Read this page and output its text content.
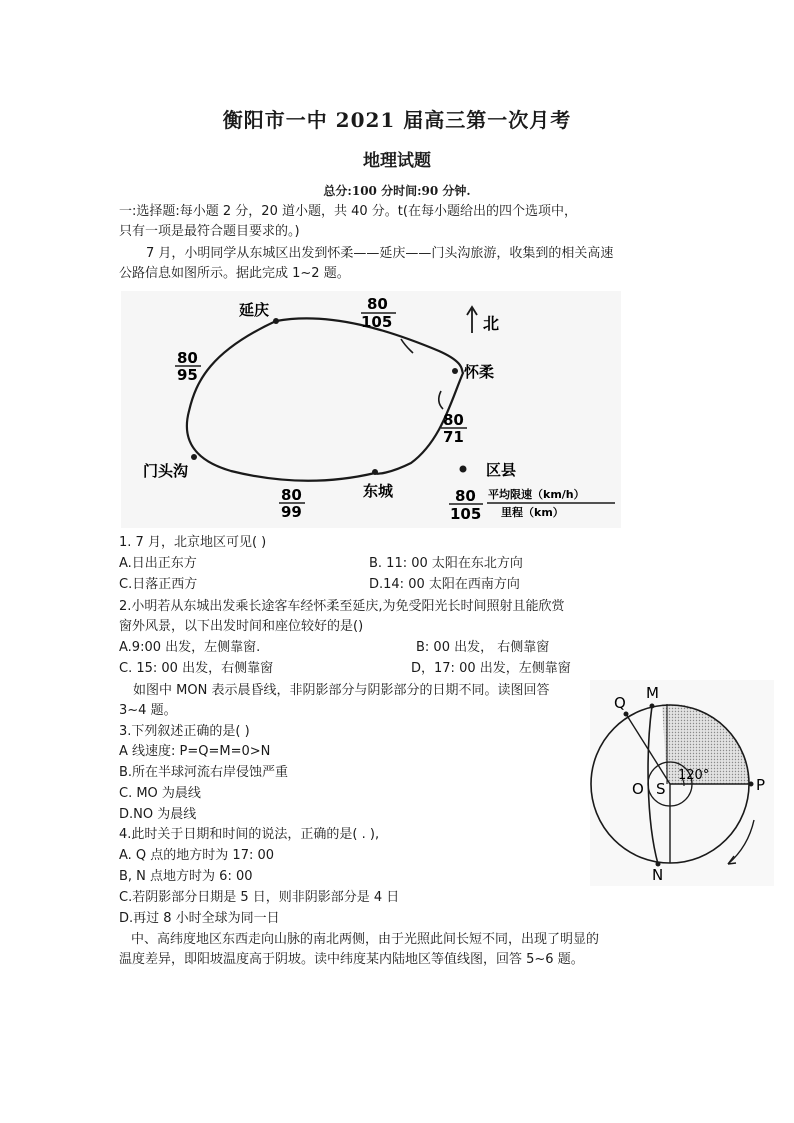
衡阳市一中 2021 届高三第一次月考
地理试题
总分:100 分时间:90 分钟.
一:选择题:每小题 2 分，20 道小题，共 40 分。t(在每小题给出的四个选项中，
只有一项是最符合题目要求的。)
7 月，小明同学从东城区出发到怀柔——延庆——门头沟旅游，收集到的相关高速
公路信息如图所示。据此完成 1~2 题。
延庆
怀柔
东城
门头沟
80
105
80
95
80
71
80
99
北
区县
80
105
平均限速（km/h）
里程（km）
1. 7 月，北京地区可见( )
A.日出正东方	B. 11: 00 太阳在东北方向
C.日落正西方	D.14: 00 太阳在西南方向
2.小明若从东城出发乘长途客车经怀柔至延庆,为免受阳光长时间照射且能欣赏
窗外风景，以下出发时间和座位较好的是()
A.9:00 出发，左侧靠窗.	B: 00 出发， 右侧靠窗
C. 15: 00 出发，右侧靠窗	D，17: 00 出发，左侧靠窗
如图中 MON 表示晨昏线，非阴影部分与阴影部分的日期不同。读图回答
3~4 题。
3.下列叙述正确的是( )
A 线速度: P=Q=M=0>N
B.所在半球河流右岸侵蚀严重
C. MO 为晨线
D.NO 为晨线
4.此时关于日期和时间的说法，正确的是( . ),
A. Q 点的地方时为 17: 00
B, N 点地方时为 6: 00
C.若阴影部分日期是 5 日，则非阴影部分是 4 日
D.再过 8 小时全球为同一日
Q
M
O S	P
N
120°
中、高纬度地区东西走向山脉的南北两侧，由于光照此间长短不同，出现了明显的
温度差异，即阳坡温度高于阴坡。读中纬度某内陆地区等值线图，回答 5~6 题。
